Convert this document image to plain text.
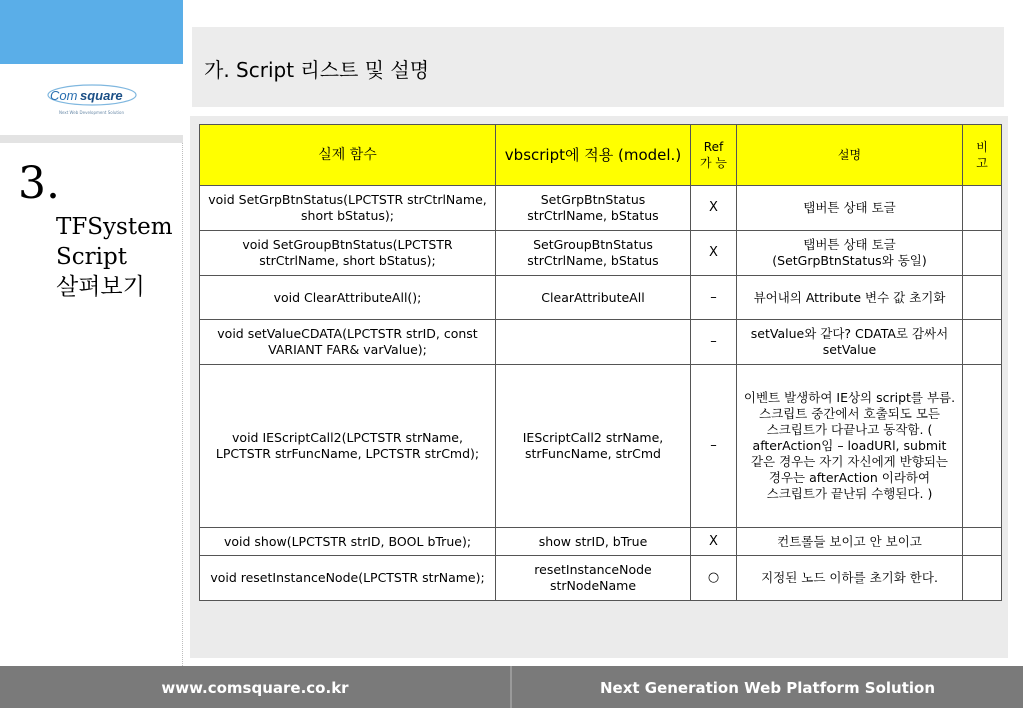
Com square
Next Web Development Solution
3.
TFSystem
Script
살펴보기
가. Script 리스트 및 설명
실제 함수	vbscript에 적용 (model.)	Ref 가 능	설명	비 고
void SetGrpBtnStatus(LPCTSTR strCtrlName, short bStatus);	SetGrpBtnStatus strCtrlName, bStatus	X	탭버튼 상태 토글	
void SetGroupBtnStatus(LPCTSTR strCtrlName, short bStatus);	SetGroupBtnStatus strCtrlName, bStatus	X	탭버튼 상태 토글 (SetGrpBtnStatus와 동일)	
void ClearAttributeAll();	ClearAttributeAll	–	뷰어내의 Attribute 변수 값 초기화	
void setValueCDATA(LPCTSTR strID, const VARIANT FAR& varValue);		–	setValue와 같다? CDATA로 감싸서 setValue	
void IEScriptCall2(LPCTSTR strName, LPCTSTR strFuncName, LPCTSTR strCmd);	IEScriptCall2 strName, strFuncName, strCmd	–	이벤트 발생하여 IE상의 script를 부름. 스크립트 중간에서 호출되도 모든 스크립트가 다끝나고 동작함. ( afterAction임 – loadURl, submit 같은 경우는 자기 자신에게 반향되는 경우는 afterAction 이라하여 스크립트가 끝난뒤 수행된다. )	
void show(LPCTSTR strID, BOOL bTrue);	show strID, bTrue	X	컨트롤들 보이고 안 보이고	
void resetInstanceNode(LPCTSTR strName);	resetInstanceNode strNodeName	○	지정된 노드 이하를 초기화 한다.	
www.comsquare.co.kr	Next Generation Web Platform Solution
